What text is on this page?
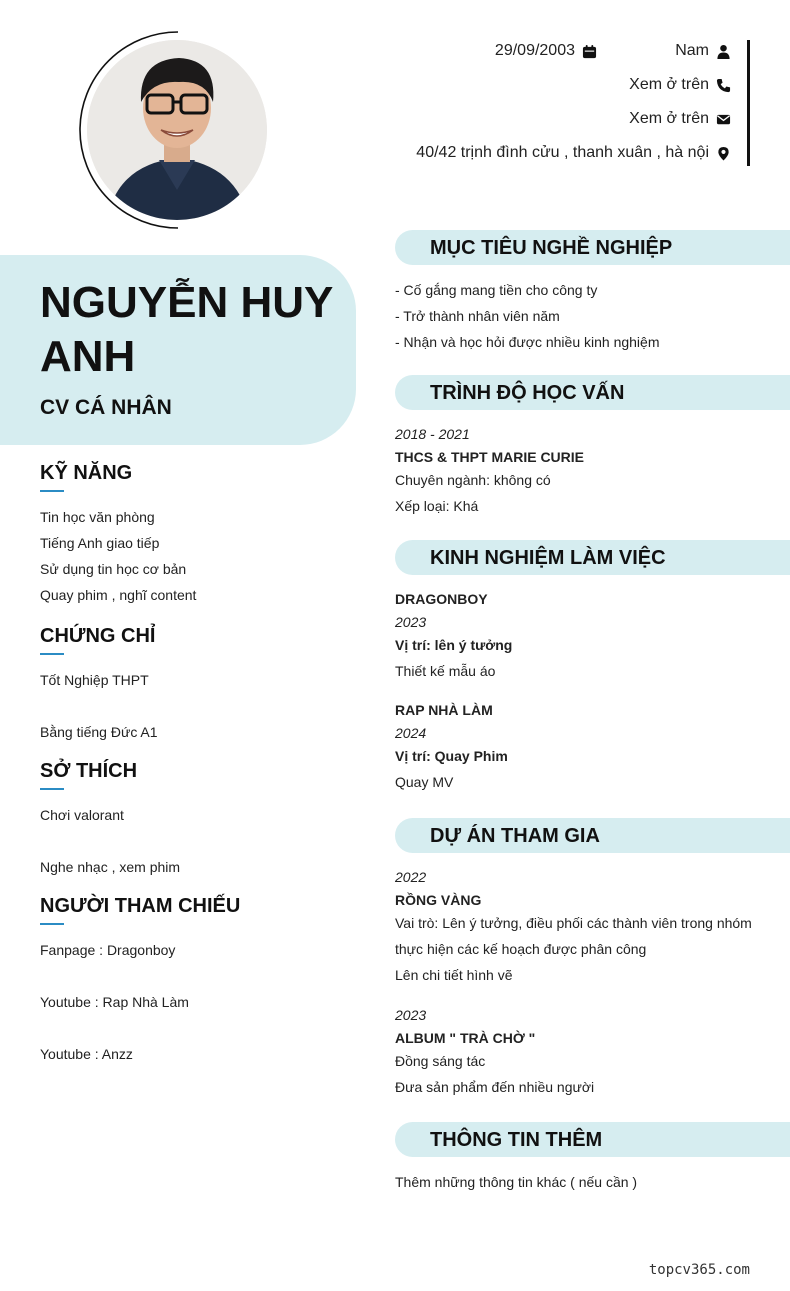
29/09/2003	Nam
Xem ở trên
Xem ở trên
40/42 trịnh đình cửu , thanh xuân , hà nội
NGUYỄN HUY ANH
CV CÁ NHÂN
KỸ NĂNG
Tin học văn phòng
Tiếng Anh giao tiếp
Sử dụng tin học cơ bản
Quay phim , nghĩ content
CHỨNG CHỈ
Tốt Nghiệp THPT
Bằng tiếng Đức A1
SỞ THÍCH
Chơi valorant
Nghe nhạc , xem phim
NGƯỜI THAM CHIẾU
Fanpage : Dragonboy
Youtube : Rap Nhà Làm
Youtube : Anzz
MỤC TIÊU NGHỀ NGHIỆP
- Cố gắng mang tiền cho công ty
- Trở thành nhân viên năm
- Nhận và học hỏi được nhiều kinh nghiệm
TRÌNH ĐỘ HỌC VẤN
2018 - 2021
THCS & THPT MARIE CURIE
Chuyên ngành: không có
Xếp loại: Khá
KINH NGHIỆM LÀM VIỆC
DRAGONBOY
2023
Vị trí: lên ý tưởng
Thiết kế mẫu áo
RAP NHÀ LÀM
2024
Vị trí: Quay Phim
Quay MV
DỰ ÁN THAM GIA
2022
RỒNG VÀNG
Vai trò: Lên ý tưởng, điều phối các thành viên trong nhóm
thực hiện các kế hoạch được phân công
Lên chi tiết hình vẽ
2023
ALBUM " TRÀ CHỜ "
Đồng sáng tác
Đưa sản phẩm đến nhiều người
THÔNG TIN THÊM
Thêm những thông tin khác ( nếu cần )
topcv365.com
